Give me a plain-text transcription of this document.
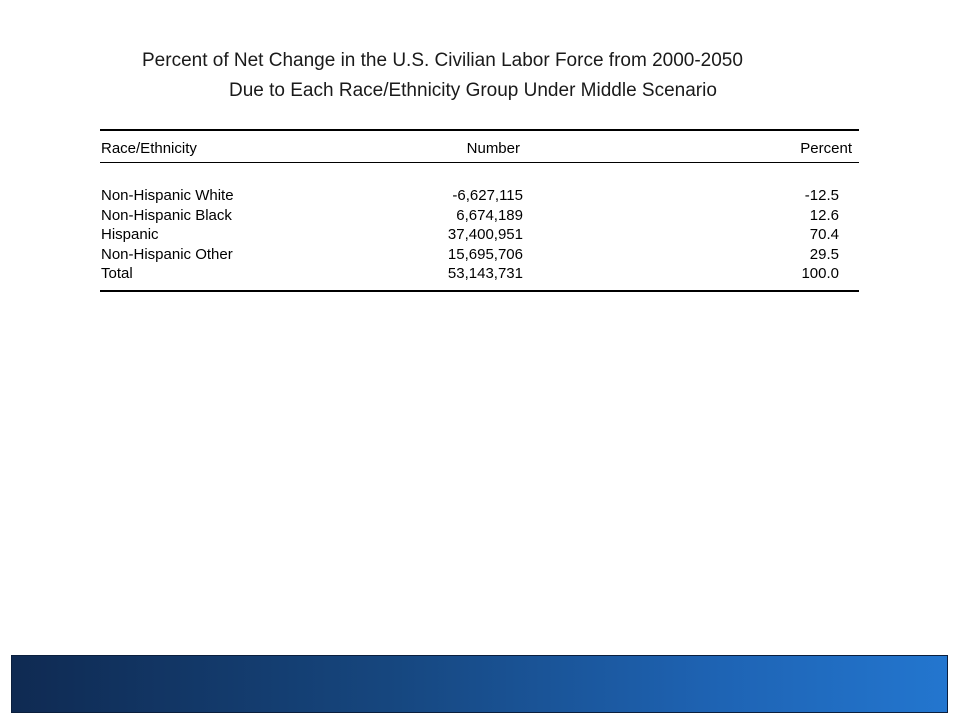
Percent of Net Change in the U.S. Civilian Labor Force from 2000-2050
Due to Each Race/Ethnicity Group Under Middle Scenario
Race/Ethnicity	Number	Percent
Non-Hispanic White	-6,627,115	-12.5
Non-Hispanic Black	6,674,189	12.6
Hispanic	37,400,951	70.4
Non-Hispanic Other	15,695,706	29.5
Total	53,143,731	100.0
